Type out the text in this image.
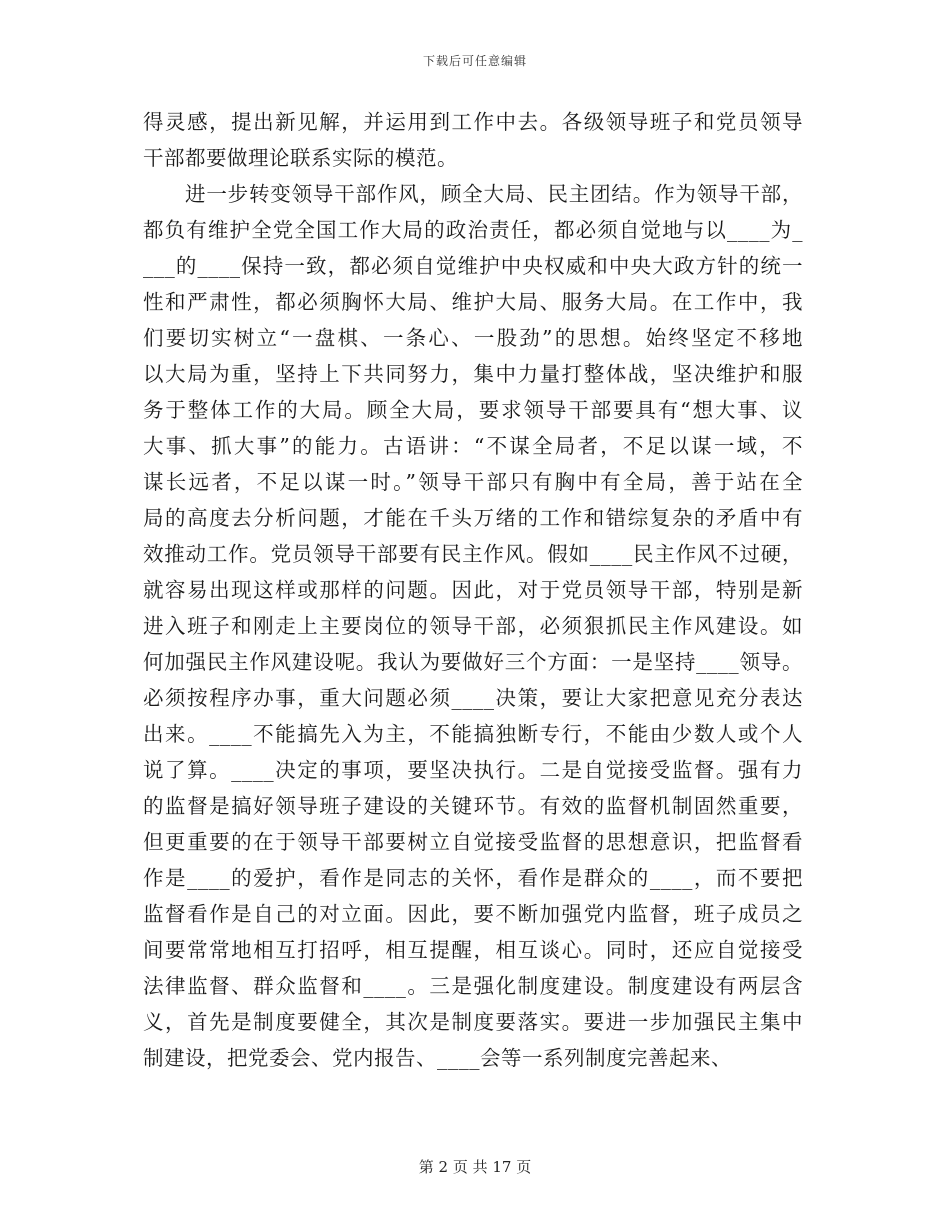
下载后可任意编辑
得灵感，提出新见解，并运用到工作中去。各级领导班子和党员领导
干部都要做理论联系实际的模范。
进一步转变领导干部作风，顾全大局、民主团结。作为领导干部，
都负有维护全党全国工作大局的政治责任，都必须自觉地与以____为_
___的____保持一致，都必须自觉维护中央权威和中央大政方针的统一
性和严肃性，都必须胸怀大局、维护大局、服务大局。在工作中，我
们要切实树立“一盘棋、一条心、一股劲”的思想。始终坚定不移地
以大局为重，坚持上下共同努力，集中力量打整体战，坚决维护和服
务于整体工作的大局。顾全大局，要求领导干部要具有“想大事、议
大事、抓大事”的能力。古语讲：“不谋全局者，不足以谋一域，不
谋长远者，不足以谋一时。”领导干部只有胸中有全局，善于站在全
局的高度去分析问题，才能在千头万绪的工作和错综复杂的矛盾中有
效推动工作。党员领导干部要有民主作风。假如____民主作风不过硬，
就容易出现这样或那样的问题。因此，对于党员领导干部，特别是新
进入班子和刚走上主要岗位的领导干部，必须狠抓民主作风建设。如
何加强民主作风建设呢。我认为要做好三个方面：一是坚持____领导。
必须按程序办事，重大问题必须____决策，要让大家把意见充分表达
出来。____不能搞先入为主，不能搞独断专行，不能由少数人或个人
说了算。____决定的事项，要坚决执行。二是自觉接受监督。强有力
的监督是搞好领导班子建设的关键环节。有效的监督机制固然重要，
但更重要的在于领导干部要树立自觉接受监督的思想意识，把监督看
作是____的爱护，看作是同志的关怀，看作是群众的____，而不要把
监督看作是自己的对立面。因此，要不断加强党内监督，班子成员之
间要常常地相互打招呼，相互提醒，相互谈心。同时，还应自觉接受
法律监督、群众监督和____。三是强化制度建设。制度建设有两层含
义，首先是制度要健全，其次是制度要落实。要进一步加强民主集中
制建设，把党委会、党内报告、____会等一系列制度完善起来、
第 2 页 共 17 页
